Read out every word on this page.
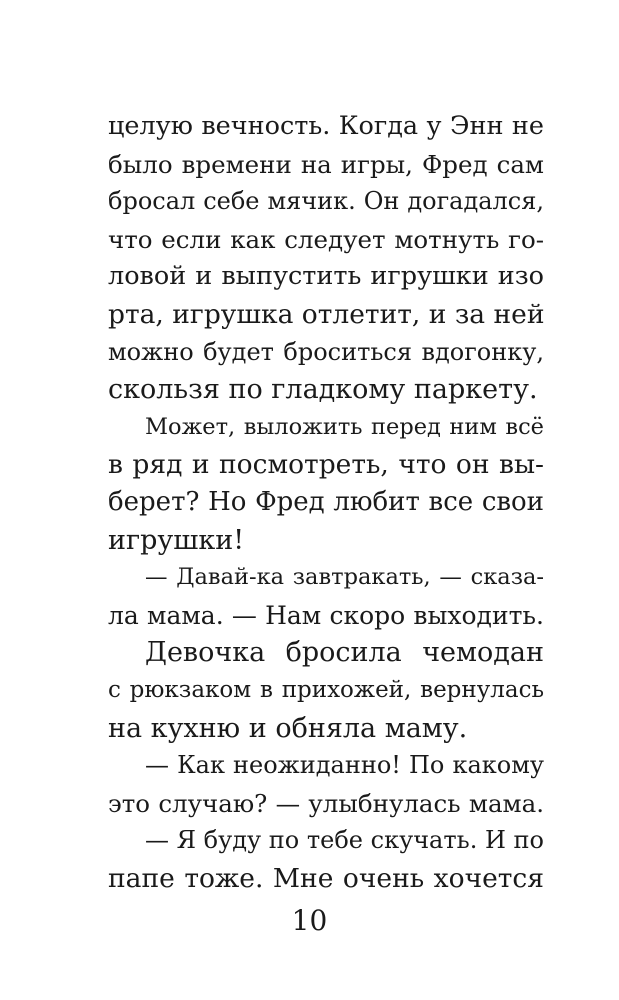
целую вечность. Когда у Энн не
было времени на игры, Фред сам
бросал себе мячик. Он догадался,
что если как следует мотнуть го-
ловой и выпустить игрушки изо
рта, игрушка отлетит, и за ней
можно будет броситься вдогонку,
скользя по гладкому паркету.
Может, выложить перед ним всё
в ряд и посмотреть, что он вы-
берет? Но Фред любит все свои
игрушки!
— Давай-ка завтракать, — сказа-
ла мама. — Нам скоро выходить.
Девочка бросила чемодан
с рюкзаком в прихожей, вернулась
на кухню и обняла маму.
— Как неожиданно! По какому
это случаю? — улыбнулась мама.
— Я буду по тебе скучать. И по
папе тоже. Мне очень хочется
10
